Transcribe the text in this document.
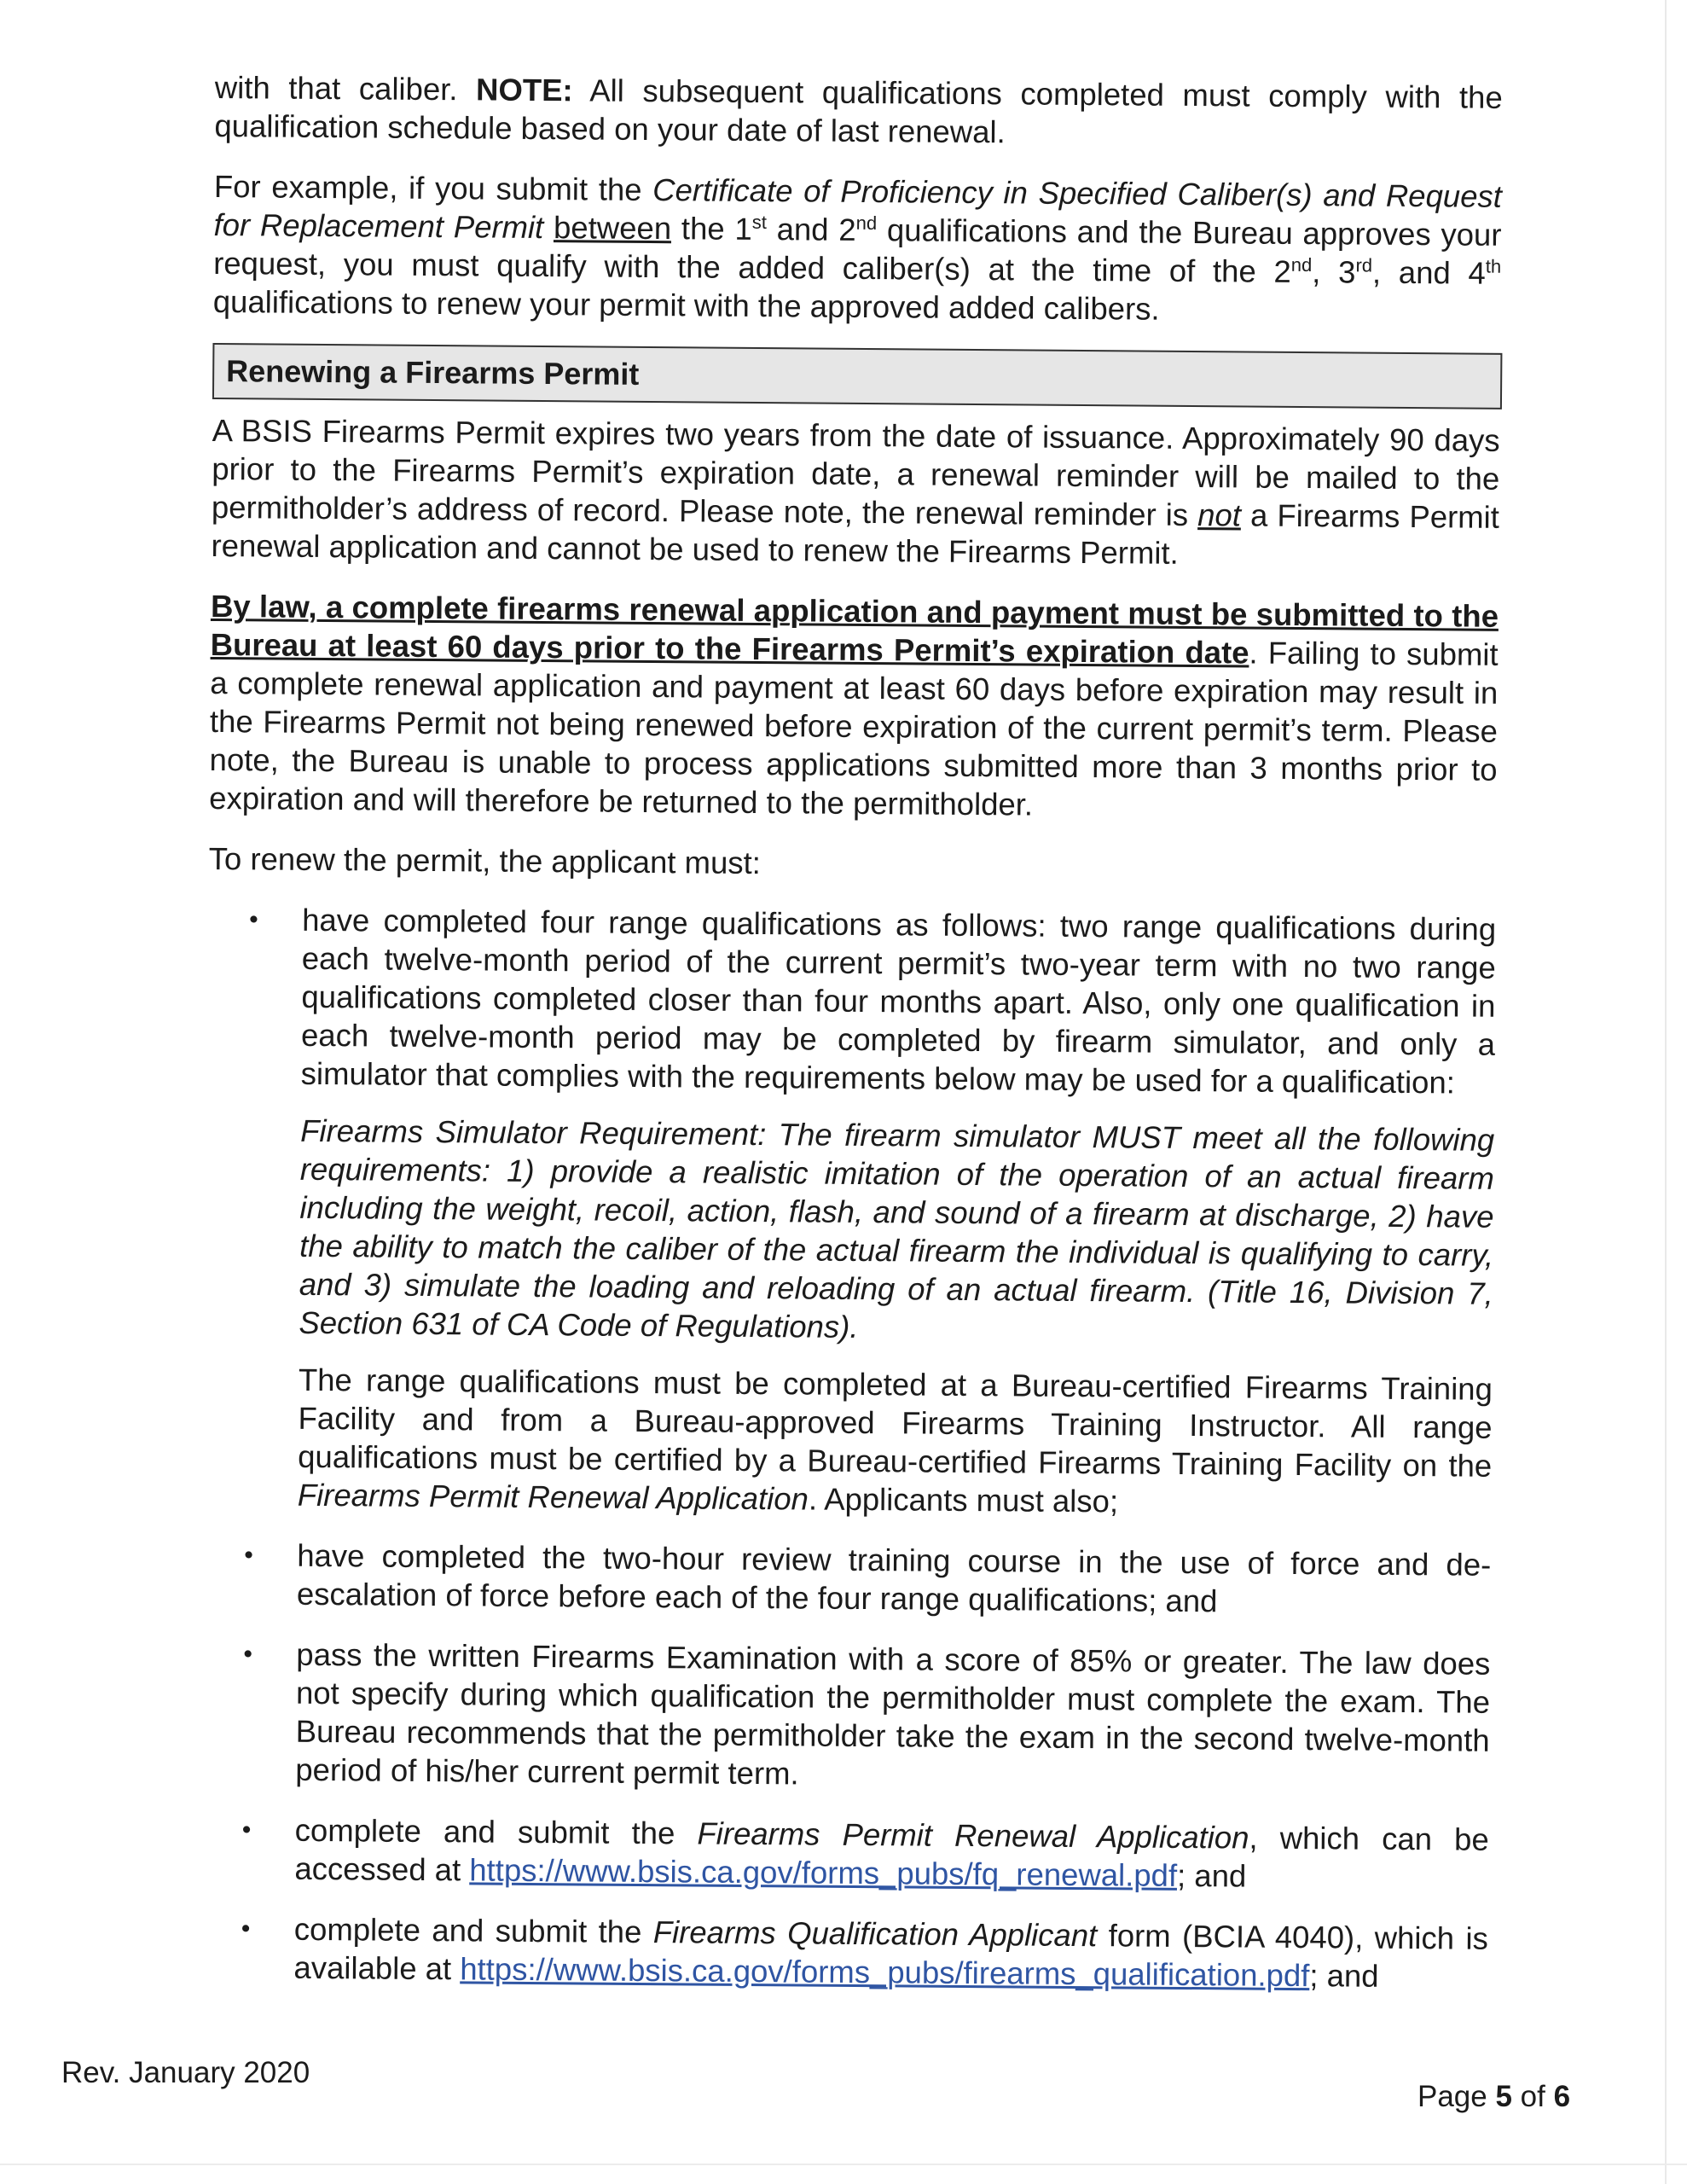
with that caliber. NOTE: All subsequent qualifications completed must comply with the qualification schedule based on your date of last renewal.

For example, if you submit the Certificate of Proficiency in Specified Caliber(s) and Request for Replacement Permit between the 1st and 2nd qualifications and the Bureau approves your request, you must qualify with the added caliber(s) at the time of the 2nd, 3rd, and 4th qualifications to renew your permit with the approved added calibers.

Renewing a Firearms Permit

A BSIS Firearms Permit expires two years from the date of issuance. Approximately 90 days prior to the Firearms Permit’s expiration date, a renewal reminder will be mailed to the permitholder’s address of record. Please note, the renewal reminder is not a Firearms Permit renewal application and cannot be used to renew the Firearms Permit.

By law, a complete firearms renewal application and payment must be submitted to the Bureau at least 60 days prior to the Firearms Permit’s expiration date. Failing to submit a complete renewal application and payment at least 60 days before expiration may result in the Firearms Permit not being renewed before expiration of the current permit’s term. Please note, the Bureau is unable to process applications submitted more than 3 months prior to expiration and will therefore be returned to the permitholder.

To renew the permit, the applicant must:

• have completed four range qualifications as follows: two range qualifications during each twelve-month period of the current permit’s two-year term with no two range qualifications completed closer than four months apart. Also, only one qualification in each twelve-month period may be completed by firearm simulator, and only a simulator that complies with the requirements below may be used for a qualification:

Firearms Simulator Requirement: The firearm simulator MUST meet all the following requirements: 1) provide a realistic imitation of the operation of an actual firearm including the weight, recoil, action, flash, and sound of a firearm at discharge, 2) have the ability to match the caliber of the actual firearm the individual is qualifying to carry, and 3) simulate the loading and reloading of an actual firearm. (Title 16, Division 7, Section 631 of CA Code of Regulations).

The range qualifications must be completed at a Bureau-certified Firearms Training Facility and from a Bureau-approved Firearms Training Instructor. All range qualifications must be certified by a Bureau-certified Firearms Training Facility on the Firearms Permit Renewal Application. Applicants must also;

• have completed the two-hour review training course in the use of force and de-escalation of force before each of the four range qualifications; and
• pass the written Firearms Examination with a score of 85% or greater. The law does not specify during which qualification the permitholder must complete the exam. The Bureau recommends that the permitholder take the exam in the second twelve-month period of his/her current permit term.
• complete and submit the Firearms Permit Renewal Application, which can be accessed at https://www.bsis.ca.gov/forms_pubs/fq_renewal.pdf; and
• complete and submit the Firearms Qualification Applicant form (BCIA 4040), which is available at https://www.bsis.ca.gov/forms_pubs/firearms_qualification.pdf; and
Rev. January 2020
Page 5 of 6
